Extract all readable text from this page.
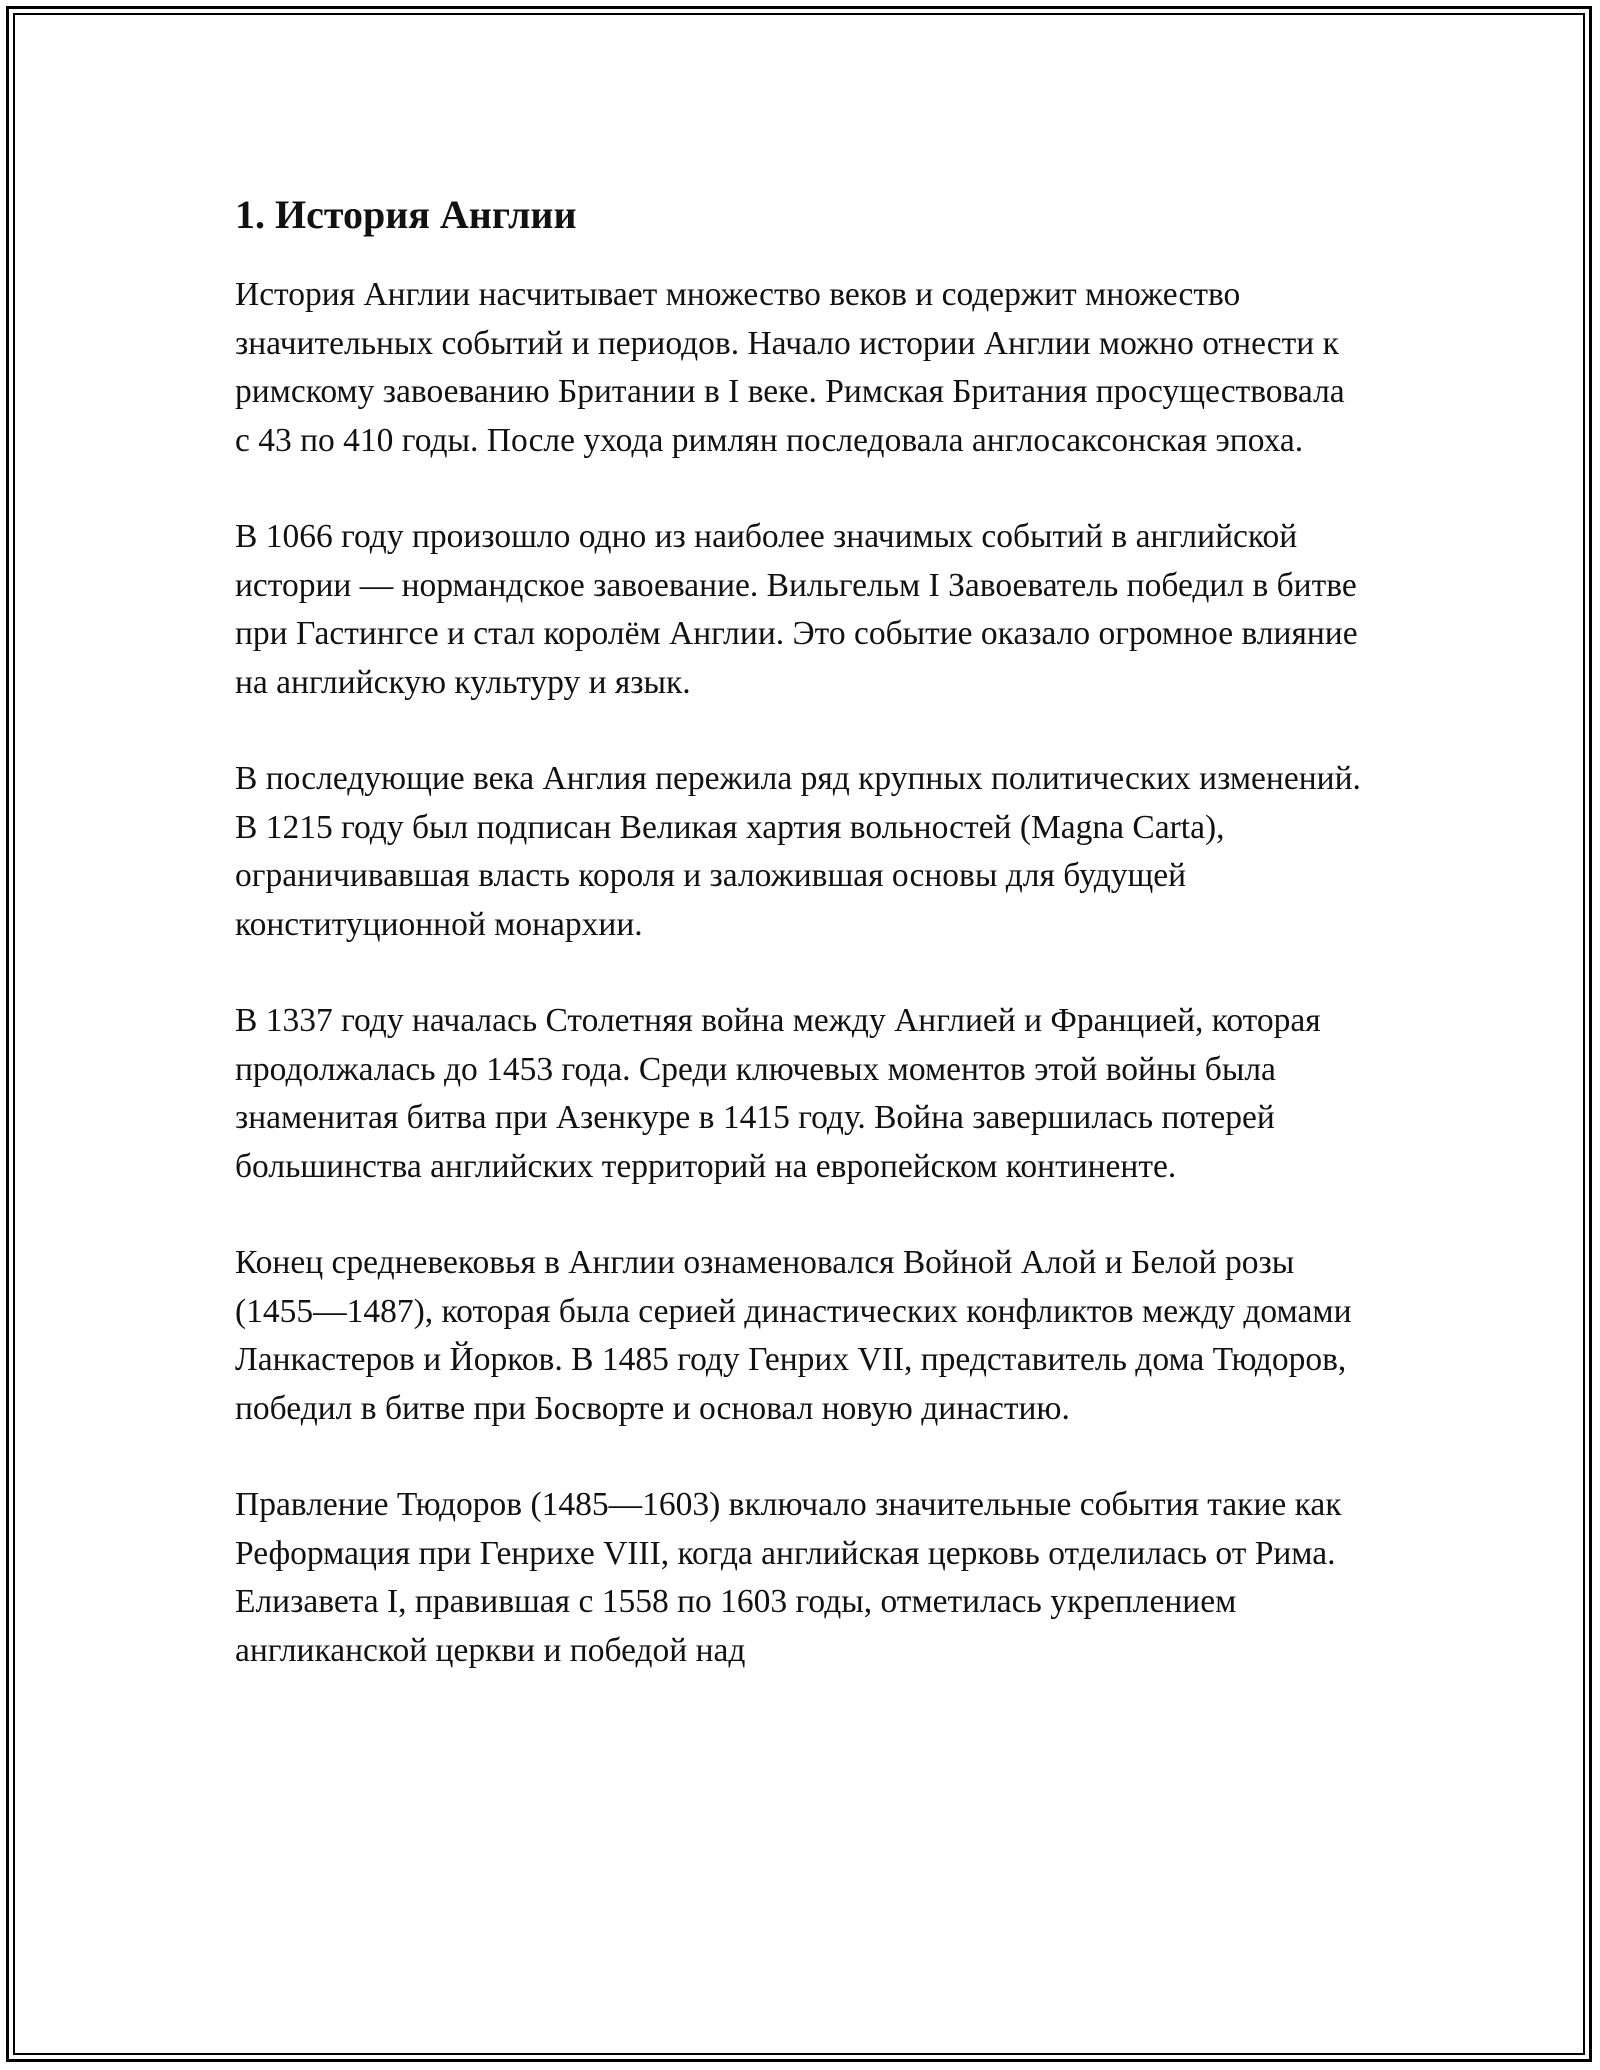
1. История Англии

История Англии насчитывает множество веков и содержит множество значительных событий и периодов. Начало истории Англии можно отнести к римскому завоеванию Британии в I веке. Римская Британия просуществовала с 43 по 410 годы. После ухода римлян последовала англосаксонская эпоха.

В 1066 году произошло одно из наиболее значимых событий в английской истории — нормандское завоевание. Вильгельм I Завоеватель победил в битве при Гастингсе и стал королём Англии. Это событие оказало огромное влияние на английскую культуру и язык.

В последующие века Англия пережила ряд крупных политических изменений. В 1215 году был подписан Великая хартия вольностей (Magna Carta), ограничивавшая власть короля и заложившая основы для будущей конституционной монархии.

В 1337 году началась Столетняя война между Англией и Францией, которая продолжалась до 1453 года. Среди ключевых моментов этой войны была знаменитая битва при Азенкуре в 1415 году. Война завершилась потерей большинства английских территорий на европейском континенте.

Конец средневековья в Англии ознаменовался Войной Алой и Белой розы (1455—1487), которая была серией династических конфликтов между домами Ланкастеров и Йорков. В 1485 году Генрих VII, представитель дома Тюдоров, победил в битве при Босворте и основал новую династию.

Правление Тюдоров (1485—1603) включало значительные события такие как Реформация при Генрихе VIII, когда английская церковь отделилась от Рима. Елизавета I, правившая с 1558 по 1603 годы, отметилась укреплением англиканской церкви и победой над
